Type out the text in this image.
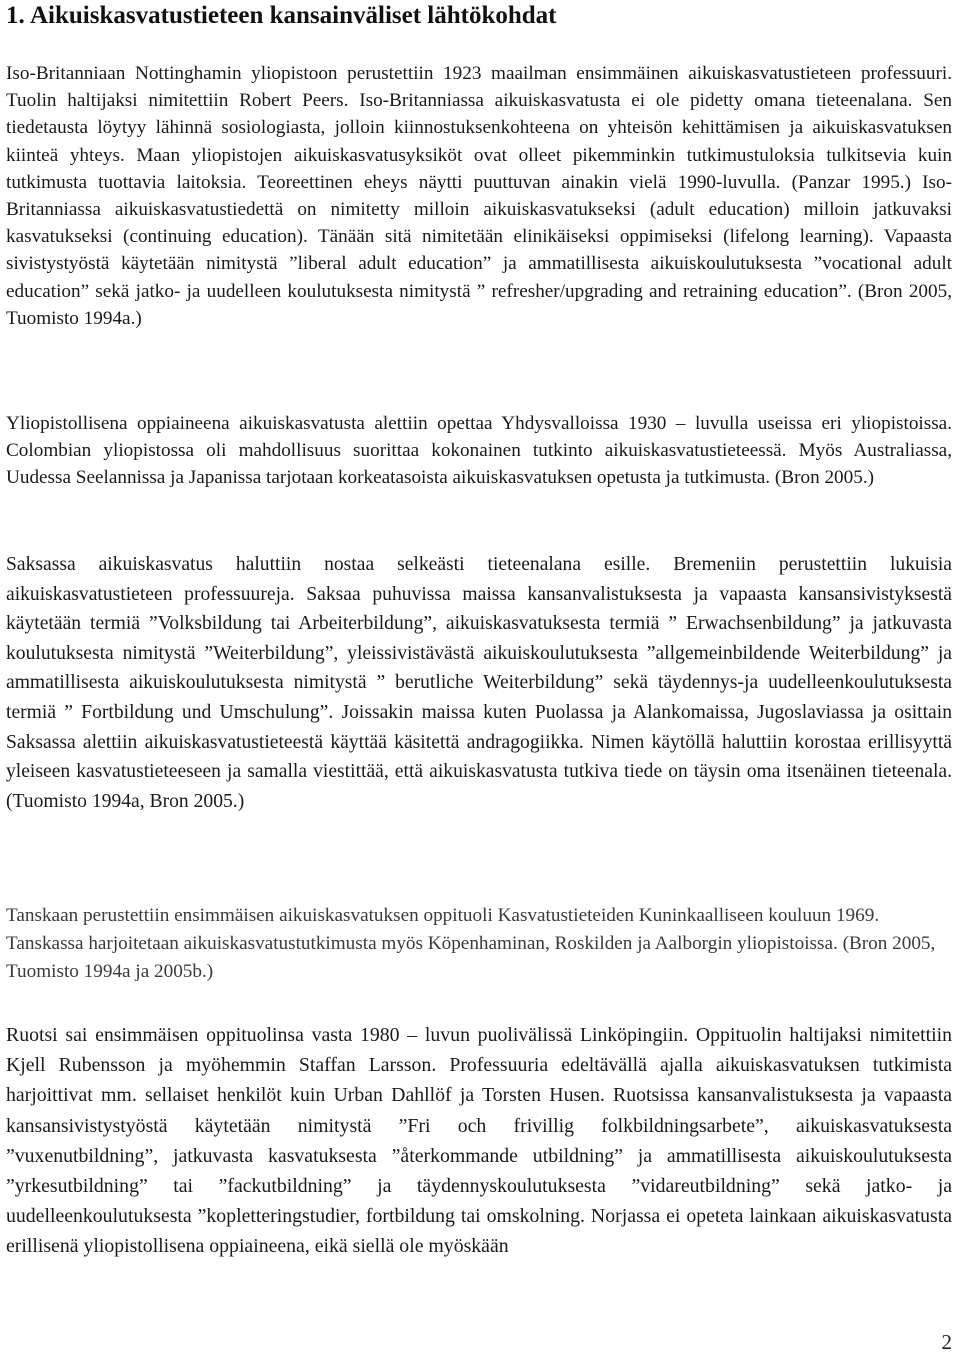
1. Aikuiskasvatustieteen kansainväliset lähtökohdat

Iso-Britanniaan Nottinghamin yliopistoon perustettiin 1923 maailman ensimmäinen aikuiskasvatustieteen professuuri. Tuolin haltijaksi nimitettiin Robert Peers. Iso-Britanniassa aikuiskasvatusta ei ole pidetty omana tieteenalana. Sen tiedetausta löytyy lähinnä sosiologiasta, jolloin kiinnostuksenkohteena on yhteisön kehittämisen ja aikuiskasvatuksen kiinteä yhteys. Maan yliopistojen aikuiskasvatusyksiköt ovat olleet pikemminkin tutkimustuloksia tulkitsevia kuin tutkimusta tuottavia laitoksia. Teoreettinen eheys näytti puuttuvan ainakin vielä 1990-luvulla. (Panzar 1995.) Iso-Britanniassa aikuiskasvatustiedettä on nimitetty milloin aikuiskasvatukseksi (adult education) milloin jatkuvaksi kasvatukseksi (continuing education). Tänään sitä nimitetään elinikäiseksi oppimiseksi (lifelong learning). Vapaasta sivistystyöstä käytetään nimitystä ”liberal adult education” ja ammatillisesta aikuiskoulutuksesta ”vocational adult education” sekä jatko- ja uudelleen koulutuksesta nimitystä ” refresher/upgrading and retraining education”. (Bron 2005, Tuomisto 1994a.)

Yliopistollisena oppiaineena aikuiskasvatusta alettiin opettaa Yhdysvalloissa 1930 – luvulla useissa eri yliopistoissa. Colombian yliopistossa oli mahdollisuus suorittaa kokonainen tutkinto aikuiskasvatustieteessä. Myös Australiassa, Uudessa Seelannissa ja Japanissa tarjotaan korkeatasoista aikuiskasvatuksen opetusta ja tutkimusta. (Bron 2005.)

Saksassa aikuiskasvatus haluttiin nostaa selkeästi tieteenalana esille. Bremeniin perustettiin lukuisia aikuiskasvatustieteen professuureja. Saksaa puhuvissa maissa kansanvalistuksesta ja vapaasta kansansivistyksestä käytetään termiä ”Volksbildung tai Arbeiterbildung”, aikuiskasvatuksesta termiä ” Erwachsenbildung” ja jatkuvasta koulutuksesta nimitystä ”Weiterbildung”, yleissivistävästä aikuiskoulutuksesta ”allgemeinbildende Weiterbildung” ja ammatillisesta aikuiskoulutuksesta nimitystä ” berutliche Weiterbildung” sekä täydennys-ja uudelleenkoulutuksesta termiä ” Fortbildung und Umschulung”. Joissakin maissa kuten Puolassa ja Alankomaissa, Jugoslaviassa ja osittain Saksassa alettiin aikuiskasvatustieteestä käyttää käsitettä andragogiikka. Nimen käytöllä haluttiin korostaa erillisyyttä yleiseen kasvatustieteeseen ja samalla viestittää, että aikuiskasvatusta tutkiva tiede on täysin oma itsenäinen tieteenala. (Tuomisto 1994a, Bron 2005.)

Tanskaan perustettiin ensimmäisen aikuiskasvatuksen oppituoli Kasvatustieteiden Kuninkaalliseen kouluun 1969. Tanskassa harjoitetaan aikuiskasvatustutkimusta myös Köpenhaminan, Roskilden ja Aalborgin yliopistoissa. (Bron 2005, Tuomisto 1994a ja 2005b.)

Ruotsi sai ensimmäisen oppituolinsa vasta 1980 – luvun puolivälissä Linköpingiin. Oppituolin haltijaksi nimitettiin Kjell Rubensson ja myöhemmin Staffan Larsson. Professuuria edeltävällä ajalla aikuiskasvatuksen tutkimista harjoittivat mm. sellaiset henkilöt kuin Urban Dahllöf ja Torsten Husen. Ruotsissa kansanvalistuksesta ja vapaasta kansansivistystyöstä käytetään nimitystä ”Fri och frivillig folkbildningsarbete”, aikuiskasvatuksesta ”vuxenutbildning”, jatkuvasta kasvatuksesta ”återkommande utbildning” ja ammatillisesta aikuiskoulutuksesta ”yrkesutbildning” tai ”fackutbildning” ja täydennyskoulutuksesta ”vidareutbildning” sekä jatko- ja uudelleenkoulutuksesta ”kopletteringstudier, fortbildung tai omskolning. Norjassa ei opeteta lainkaan aikuiskasvatusta erillisenä yliopistollisena oppiaineena, eikä siellä ole myöskään

2
